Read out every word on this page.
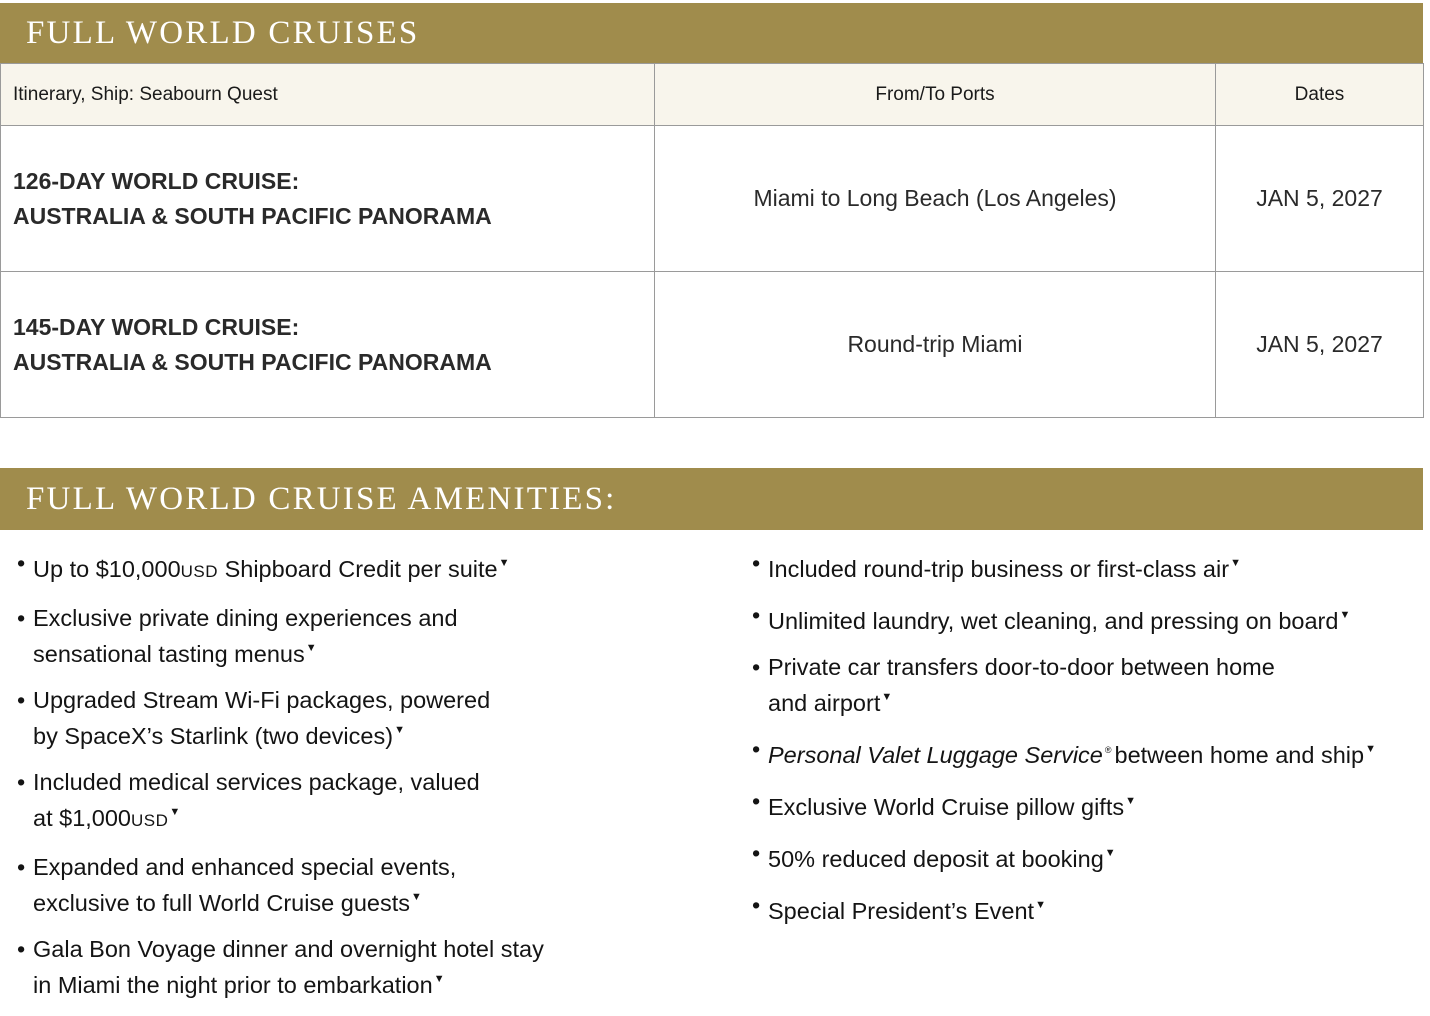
FULL WORLD CRUISES
Itinerary, Ship: Seabourn Quest	From/To Ports	Dates

126-DAY WORLD CRUISE:
AUSTRALIA & SOUTH PACIFIC PANORAMA	Miami to Long Beach (Los Angeles)	JAN 5, 2027

145-DAY WORLD CRUISE:
AUSTRALIA & SOUTH PACIFIC PANORAMA	Round-trip Miami	JAN 5, 2027
FULL WORLD CRUISE AMENITIES:
• Up to $10,000USD Shipboard Credit per suite▼
• Exclusive private dining experiences and
sensational tasting menus▼
• Upgraded Stream Wi-Fi packages, powered
by SpaceX’s Starlink (two devices)▼
• Included medical services package, valued
at $1,000USD▼
• Expanded and enhanced special events,
exclusive to full World Cruise guests▼
• Gala Bon Voyage dinner and overnight hotel stay
in Miami the night prior to embarkation▼
• Included round-trip business or first-class air▼
• Unlimited laundry, wet cleaning, and pressing on board▼
• Private car transfers door-to-door between home
and airport▼
• Personal Valet Luggage Service ® between home and ship▼
• Exclusive World Cruise pillow gifts▼
• 50% reduced deposit at booking▼
• Special President’s Event▼
